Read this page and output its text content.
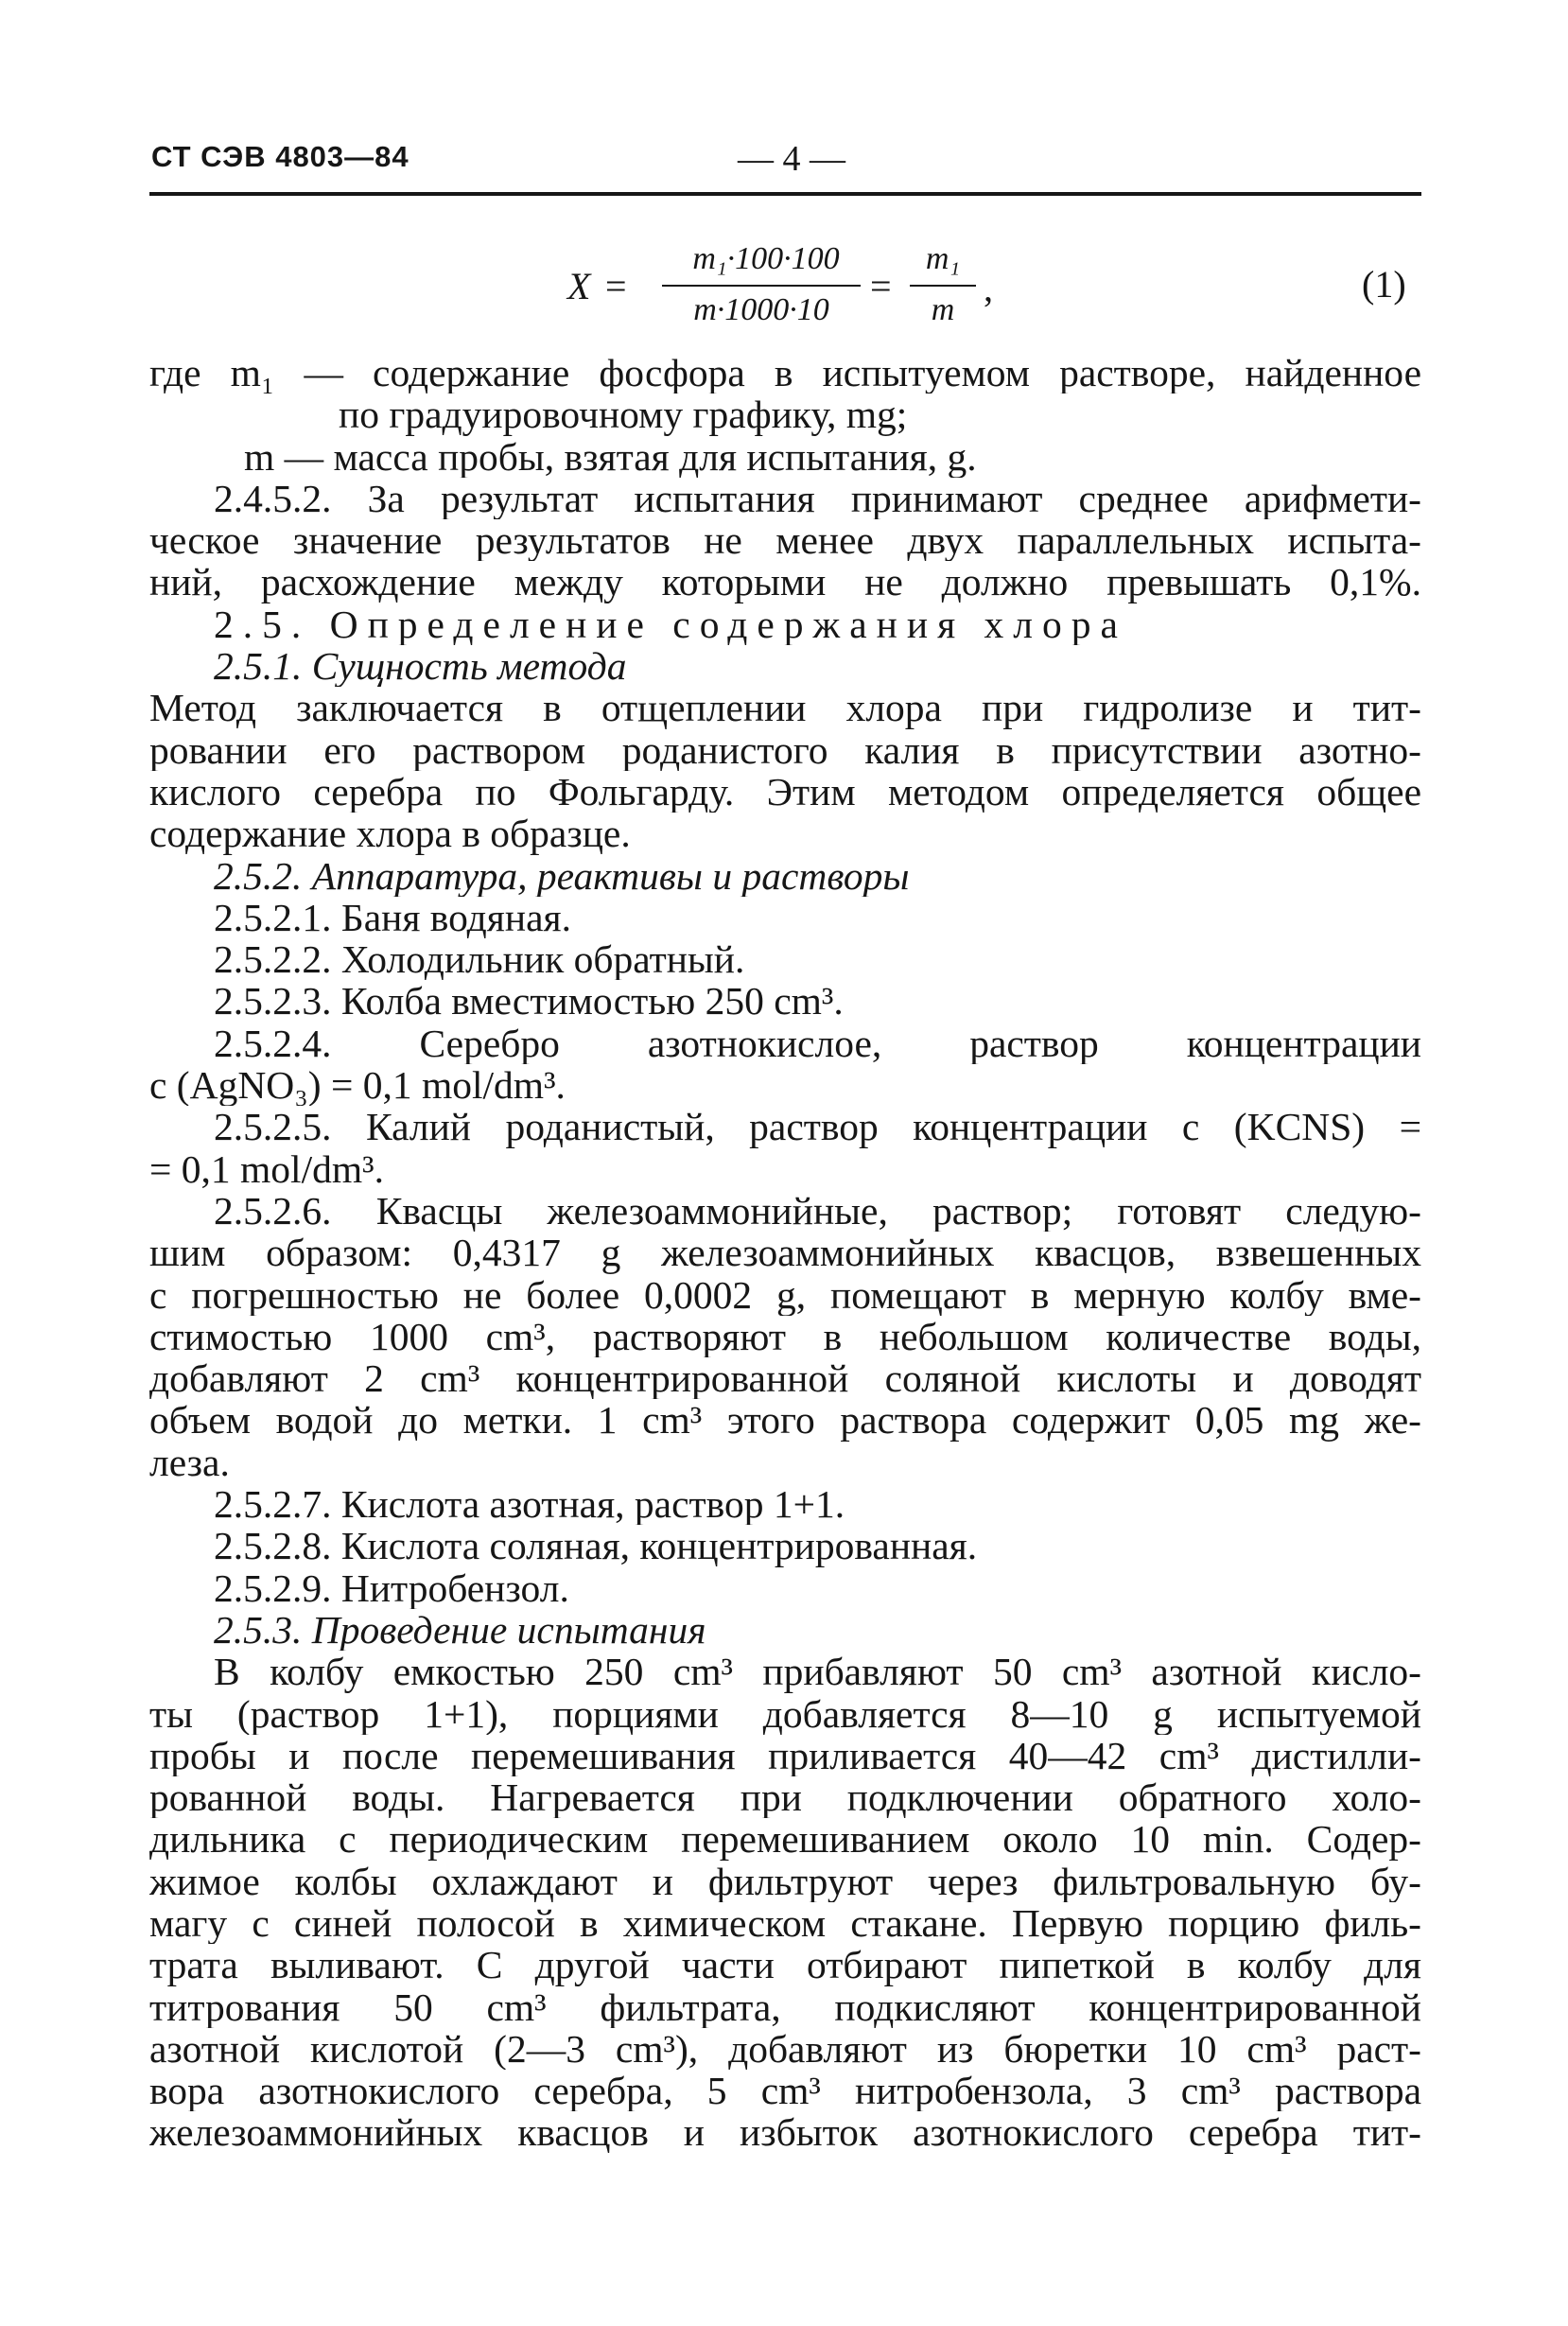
СТ СЭВ 4803—84	— 4 —
X =
m₁·100·100
m·1000·10
=
m₁
m
,	(1)
где m₁ — содержание фосфора в испытуемом растворе, найденное
по градуировочному графику, mg;
m — масса пробы, взятая для испытания, g.
2.4.5.2. За результат испытания принимают среднее арифмети-
ческое значение результатов не менее двух параллельных испыта-
ний, расхождение между которыми не должно превышать 0,1%.
2.5. Определение содержания хлора
2.5.1. Сущность метода
Метод заключается в отщеплении хлора при гидролизе и тит-
ровании его раствором роданистого калия в присутствии азотно-
кислого серебра по Фольгарду. Этим методом определяется общее
содержание хлора в образце.
2.5.2. Аппаратура, реактивы и растворы
2.5.2.1. Баня водяная.
2.5.2.2. Холодильник обратный.
2.5.2.3. Колба вместимостью 250 cm³.
2.5.2.4. Серебро азотнокислое, раствор концентрации
c (AgNO₃) = 0,1 mol/dm³.
2.5.2.5. Калий роданистый, раствор концентрации c (KCNS) =
= 0,1 mol/dm³.
2.5.2.6. Квасцы железоаммонийные, раствор; готовят следую-
шим образом: 0,4317 g железоаммонийных квасцов, взвешенных
с погрешностью не более 0,0002 g, помещают в мерную колбу вме-
стимостью 1000 cm³, растворяют в небольшом количестве воды,
добавляют 2 cm³ концентрированной соляной кислоты и доводят
объем водой до метки. 1 cm³ этого раствора содержит 0,05 mg же-
леза.
2.5.2.7. Кислота азотная, раствор 1+1.
2.5.2.8. Кислота соляная, концентрированная.
2.5.2.9. Нитробензол.
2.5.3. Проведение испытания
В колбу емкостью 250 cm³ прибавляют 50 cm³ азотной кисло-
ты (раствор 1+1), порциями добавляется 8—10 g испытуемой
пробы и после перемешивания приливается 40—42 cm³ дистилли-
рованной воды. Нагревается при подключении обратного холо-
дильника с периодическим перемешиванием около 10 min. Содер-
жимое колбы охлаждают и фильтруют через фильтровальную бу-
магу с синей полосой в химическом стакане. Первую порцию филь-
трата выливают. С другой части отбирают пипеткой в колбу для
титрования 50 cm³ фильтрата, подкисляют концентрированной
азотной кислотой (2—3 cm³), добавляют из бюретки 10 cm³ раст-
вора азотнокислого серебра, 5 cm³ нитробензола, 3 cm³ раствора
железоаммонийных квасцов и избыток азотнокислого серебра тит-
